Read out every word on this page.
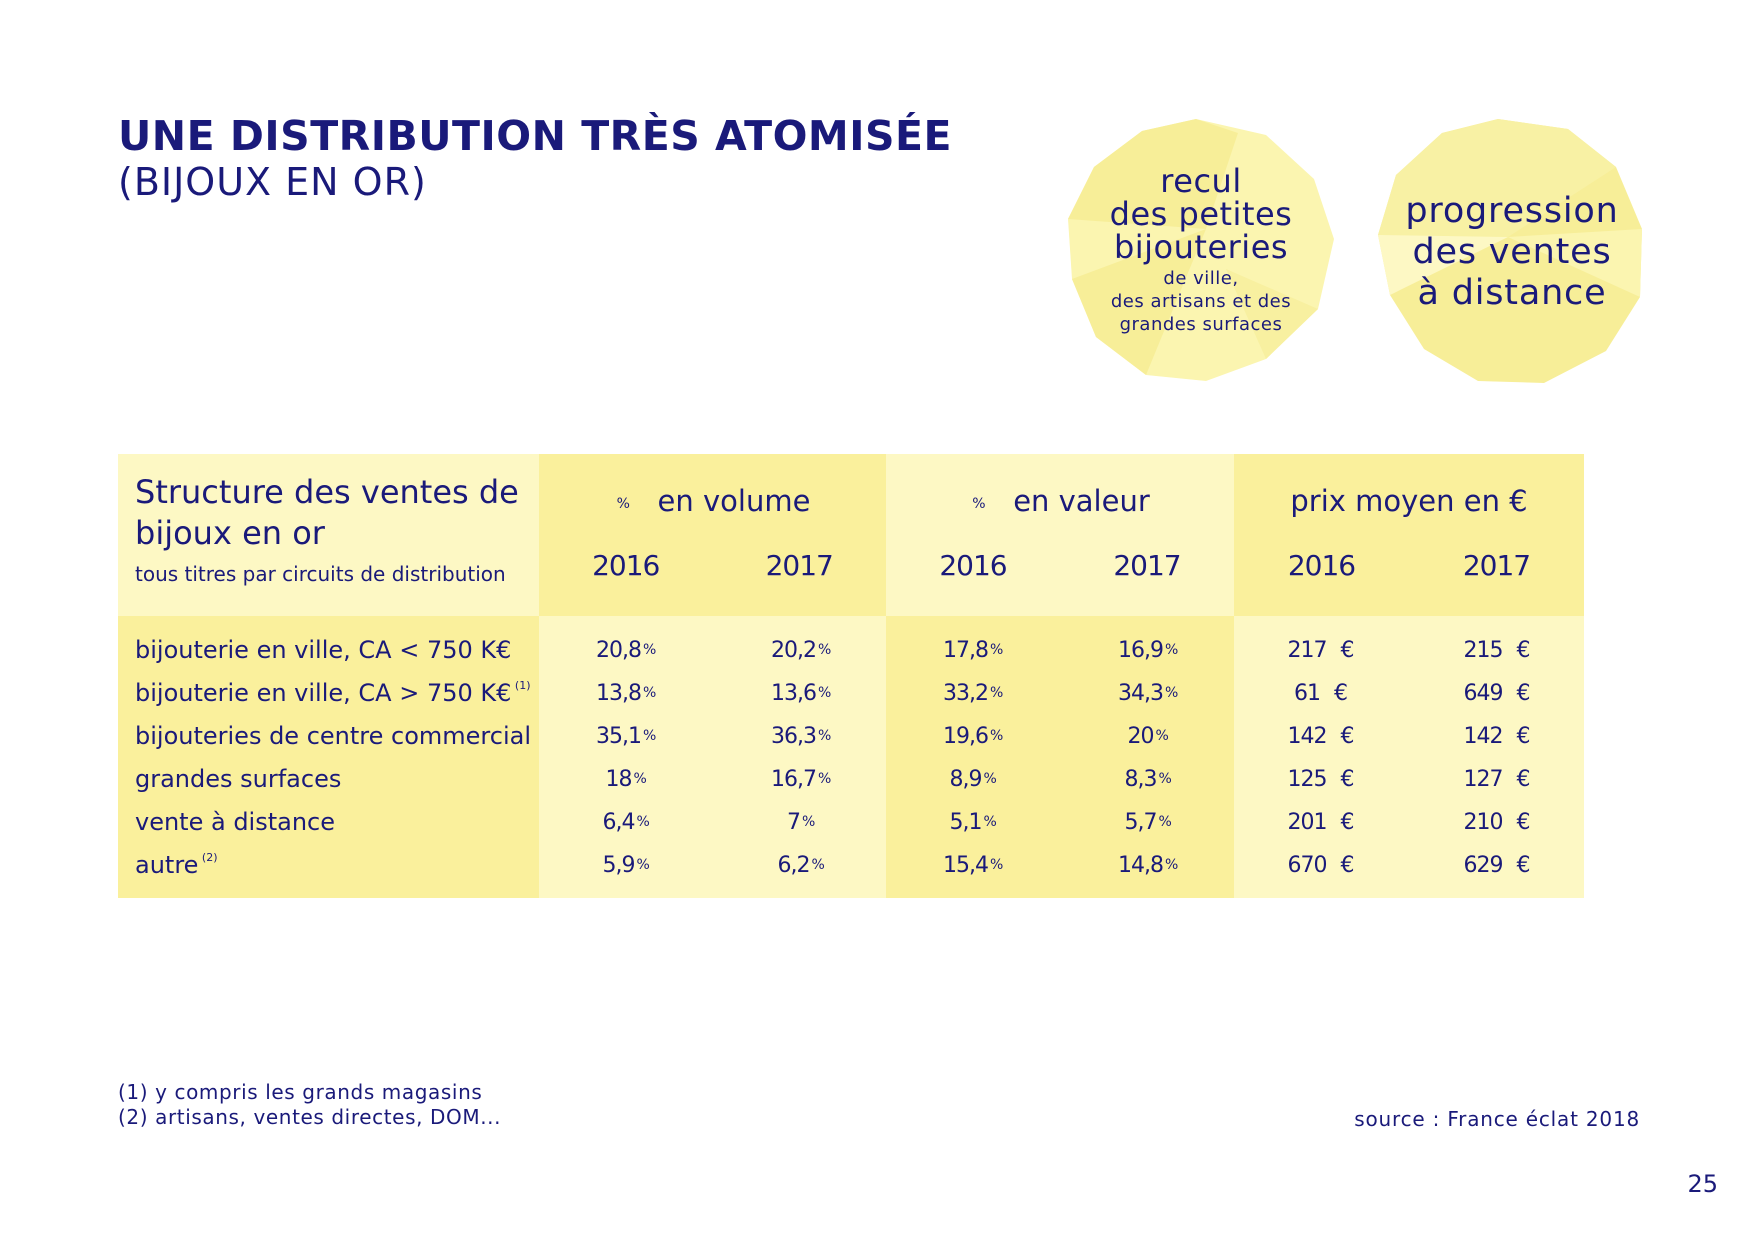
UNE DISTRIBUTION TRÈS ATOMISÉE
(BIJOUX EN OR)	recul
des petites
bijouteries
de ville,
des artisans et des
grandes surfaces
progression
des ventes
à distance
Structure des ventes de bijoux en or
tous titres par circuits de distribution
% en volume
2016	2017
% en valeur
2016	2017
prix moyen en €
2016	2017
bijouterie en ville, CA < 750 K€	20,8 %	20,2 %	17,8 %	16,9 %	217  €	215  €
bijouterie en ville, CA > 750 K€ $^{(1)}$	13,8 %	13,6 %	33,2 %	34,3 %	61  €	649  €
bijouteries de centre commercial	35,1 %	36,3 %	19,6 %	20 %	142  €	142  €
grandes surfaces	18 %	16,7 %	8,9 %	8,3 %	125  €	127  €
vente à distance	6,4 %	7 %	5,1 %	5,7 %	201  €	210  €
autre $^{(2)}$	5,9 %	6,2 %	15,4 %	14,8 %	670  €	629  €
(1) y compris les grands magasins
(2) artisans, ventes directes, DOM...	source : France éclat 2018
25
